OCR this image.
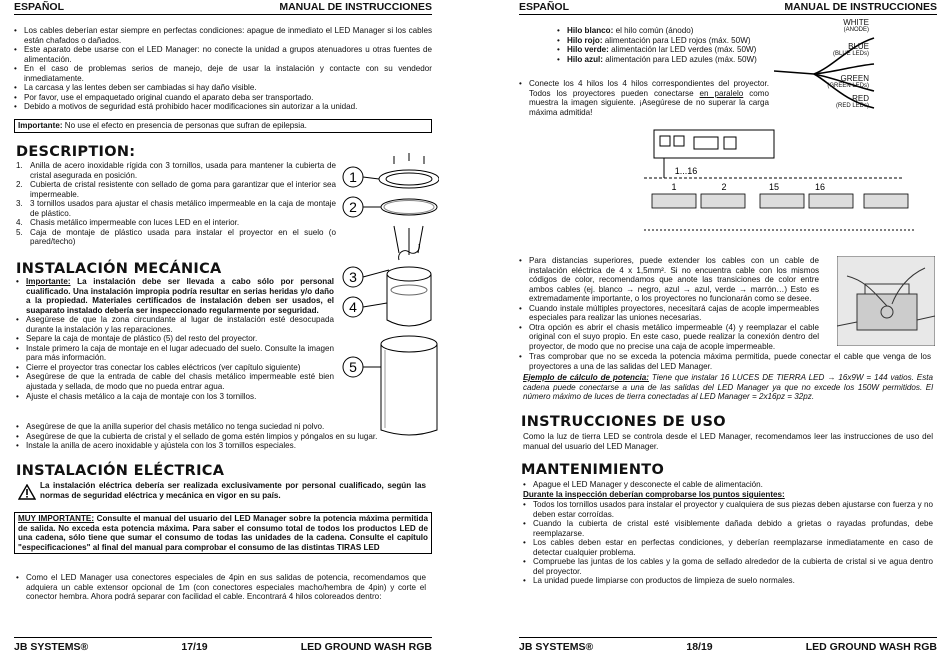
ESPAÑOL	MANUAL DE INSTRUCCIONES
• Los cables deberían estar siempre en perfectas condiciones: apague de inmediato el LED Manager si los cables están chafados o dañados.
• Este aparato debe usarse con el LED Manager: no conecte la unidad a grupos atenuadores u otras fuentes de alimentación.
• En el caso de problemas serios de manejo, deje de usar la instalación y contacte con su vendedor inmediatamente.
• La carcasa y las lentes deben ser cambiadas si hay daño visible.
• Por favor, use el empaquetado original cuando el aparato deba ser transportado.
• Debido a motivos de seguridad está prohibido hacer modificaciones sin autorizar a la unidad.
Importante: No use el efecto en presencia de personas que sufran de epilepsia.
DESCRIPTION:
1. Anilla de acero inoxidable rígida con 3 tornillos, usada para mantener la cubierta de cristal asegurada en posición.
2. Cubierta de cristal resistente con sellado de goma para garantizar que el interior sea impermeable.
3. 3 tornillos usados para ajustar el chasis metálico impermeable en la caja de montaje de plástico.
4. Chasis metálico impermeable con luces LED en el interior.
5. Caja de montaje de plástico usada para instalar el proyector en el suelo (o pared/techo)
1
2
3
4
5
INSTALACIÓN MECÁNICA
• Importante: La instalación debe ser llevada a cabo sólo por personal cualificado. Una instalación impropia podría resultar en serias heridas y/o daño a la propiedad. Materiales certificados de instalación deben ser usados, el suaparato instalado debería ser inspeccionado regularmente por seguridad.
• Asegúrese de que la zona circundante al lugar de instalación esté desocupada durante la instalación y las reparaciones.
• Separe la caja de montaje de plástico (5) del resto del proyector.
• Instale primero la caja de montaje en el lugar adecuado del suelo. Consulte la imagen para más información.
• Cierre el proyector tras conectar los cables eléctricos (ver capítulo siguiente)
• Asegúrese de que la entrada de cable del chasis metálico impermeable esté bien ajustada y sellada, de modo que no pueda entrar agua.
• Ajuste el chasis metálico a la caja de montaje con los 3 tornillos.
• Asegúrese de que la anilla superior del chasis metálico no tenga suciedad ni polvo.
• Asegúrese de que la cubierta de cristal y el sellado de goma estén limpios y póngalos en su lugar.
• Instale la anilla de acero inoxidable y ajústela con los 3 tornillos especiales.
INSTALACIÓN ELÉCTRICA
La instalación eléctrica debería ser realizada exclusivamente por personal cualificado, según las normas de seguridad eléctrica y mecánica en vigor en su país.
MUY IMPORTANTE: Consulte el manual del usuario del LED Manager sobre la potencia máxima permitida de salida. No exceda esta potencia máxima. Para saber el consumo total de todos los productos LED de una cadena, sólo tiene que sumar el consumo de todas las unidades de la cadena. Consulte el capítulo "especificaciones" al final del manual para comprobar el consumo de las distintas TIRAS LED
• Como el LED Manager usa conectores especiales de 4pin en sus salidas de potencia, recomendamos que adquiera un cable extensor opcional de 1m (con conectores especiales macho/hembra de 4pin) y corte el conector hembra. Ahora podrá separar con facilidad el cable. Encontrará 4 hilos coloreados dentro:
JB SYSTEMS®	17/19	LED GROUND WASH RGB
ESPAÑOL	MANUAL DE INSTRUCCIONES
• Hilo blanco: el hilo común (ánodo)
• Hilo rojo: alimentación para LED rojos (máx. 50W)
• Hilo verde: alimentación lar LED verdes (máx. 50W)
• Hilo azul: alimentación para LED azules (máx. 50W)
WHITE
(ANODE)
BLUE
(BLUE LEDs)
GREEN
(GREEN LEDs)
RED
(RED LEDs)
• Conecte los 4 hilos los 4 hilos correspondientes del proyector. Todos los proyectores pueden conectarse en paralelo como muestra la imagen siguiente. ¡Asegúrese de no superar la carga máxima admitida!
1...16
1	2	15	16
• Para distancias superiores, puede extender los cables con un cable de instalación eléctrica de 4 x 1,5mm². Si no encuentra cable con los mismos códigos de color, recomendamos que anote las transiciones de color entre ambos cables (ej. blanco → negro, azul → azul, verde → marrón…) Esto es extremadamente importante, o los proyectores no funcionarán como se desee.
• Cuando instale múltiples proyectores, necesitará cajas de acople impermeables especiales para realizar las uniones necesarias.
• Otra opción es abrir el chasis metálico impermeable (4) y reemplazar el cable original con el suyo propio. En este caso, puede realizar la conexión dentro del proyector, de modo que no precise una caja de acople impermeable.
• Tras comprobar que no se exceda la potencia máxima permitida, puede conectar el cable que venga de los proyectores a una de las salidas del LED Manager.
Ejemplo de cálculo de potencia: Tiene que instalar 16 LUCES DE TIERRA LED → 16x9W = 144 vatios. Esta cadena puede conectarse a una de las salidas del LED Manager ya que no excede los 150W permitidos. El número máximo de luces de tierra conectadas al LED Manager = 2x16pz = 32pz.
INSTRUCCIONES DE USO
Como la luz de tierra LED se controla desde el LED Manager, recomendamos leer las instrucciones de uso del manual del usuario del LED Manager.
MANTENIMIENTO
• Apague el LED Manager y desconecte el cable de alimentación.
Durante la inspección deberían comprobarse los puntos siguientes:
• Todos los tornillos usados para instalar el proyector y cualquiera de sus piezas deben ajustarse con fuerza y no deben estar corroídas.
• Cuando la cubierta de cristal esté visiblemente dañada debido a grietas o rayadas profundas, debe reemplazarse.
• Los cables deben estar en perfectas condiciones, y deberían reemplazarse inmediatamente en caso de detectar cualquier problema.
• Compruebe las juntas de los cables y la goma de sellado alrededor de la cubierta de cristal si ve agua dentro del proyector.
• La unidad puede limpiarse con productos de limpieza de suelo normales.
JB SYSTEMS®	18/19	LED GROUND WASH RGB
